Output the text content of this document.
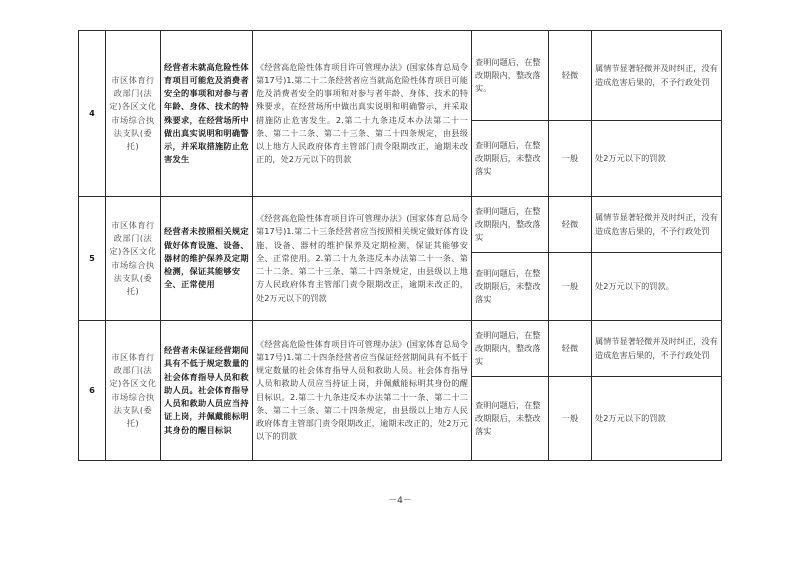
4	市区体育行政部门(法定)各区文化市场综合执法支队(委托)	经营者未就高危险性体育项目可能危及消费者安全的事项和对参与者年龄、身体、技术的特殊要求，在经营场所中做出真实说明和明确警示，并采取措施防止危害发生	《经营高危险性体育项目许可管理办法》(国家体育总局令第17号)1.第二十二条经营者应当就高危险性体育项目可能危及消费者安全的事项和对参与者年龄、身体、技术的特殊要求，在经营场所中做出真实说明和明确警示，并采取措施防止危害发生。2.第二十九条违反本办法第二十一条、第二十二条、第二十三条、第二十四条规定，由县级以上地方人民政府体育主管部门责令限期改正，逾期未改正的，处2万元以下的罚款	查明问题后，在整改期限内，整改落实。	轻微	属情节显著轻微并及时纠正，没有造成危害后果的，不予行政处罚
				查明问题后，在整改期限后，未整改落实	一般	处2万元以下的罚款
5	市区体育行政部门(法定)各区文化市场综合执法支队(委托)	经营者未按照相关规定做好体育设施、设备、器材的维护保养及定期检测，保证其能够安全、正常使用	《经营高危险性体育项目许可管理办法》(国家体育总局令第17号)1.第二十三条经营者应当按照相关规定做好体育设施、设备、器材的维护保养及定期检测，保证其能够安全、正常使用。2.第二十九条违反本办法第二十一条、第二十二条、第二十三条、第二十四条规定，由县级以上地方人民政府体育主管部门责令限期改正，逾期未改正的，处2万元以下的罚款	查明问题后，在整改期限内，整改落实	轻微	属情节显著轻微并及时纠正，没有造成危害后果的，不予行政处罚
				查明问题后，在整改期限后，未整改落实	一般	处2万元以下的罚款。
6	市区体育行政部门(法定)各区文化市场综合执法支队(委托)	经营者未保证经营期间具有不低于规定数量的社会体育指导人员和救助人员。社会体育指导人员和救助人员应当持证上岗，并佩戴能标明其身份的醒目标识	《经营高危险性体育项目许可管理办法》(国家体育总局令第17号)1.第二十四条经营者应当保证经营期间具有不低于规定数量的社会体育指导人员和救助人员。社会体育指导人员和救助人员应当持证上岗，并佩戴能标明其身份的醒目标识。2.第二十九条违反本办法第二十一条、第二十二条、第二十三条、第二十四条规定，由县级以上地方人民政府体育主管部门责令限期改正，逾期未改正的，处2万元以下的罚款	查明问题后，在整改期限内，整改落实	轻微	属情节显著轻微并及时纠正，没有造成危害后果的，不予行政处罚
				查明问题后，在整改期限后，未整改落实	一般	处2万元以下的罚款
－4－
